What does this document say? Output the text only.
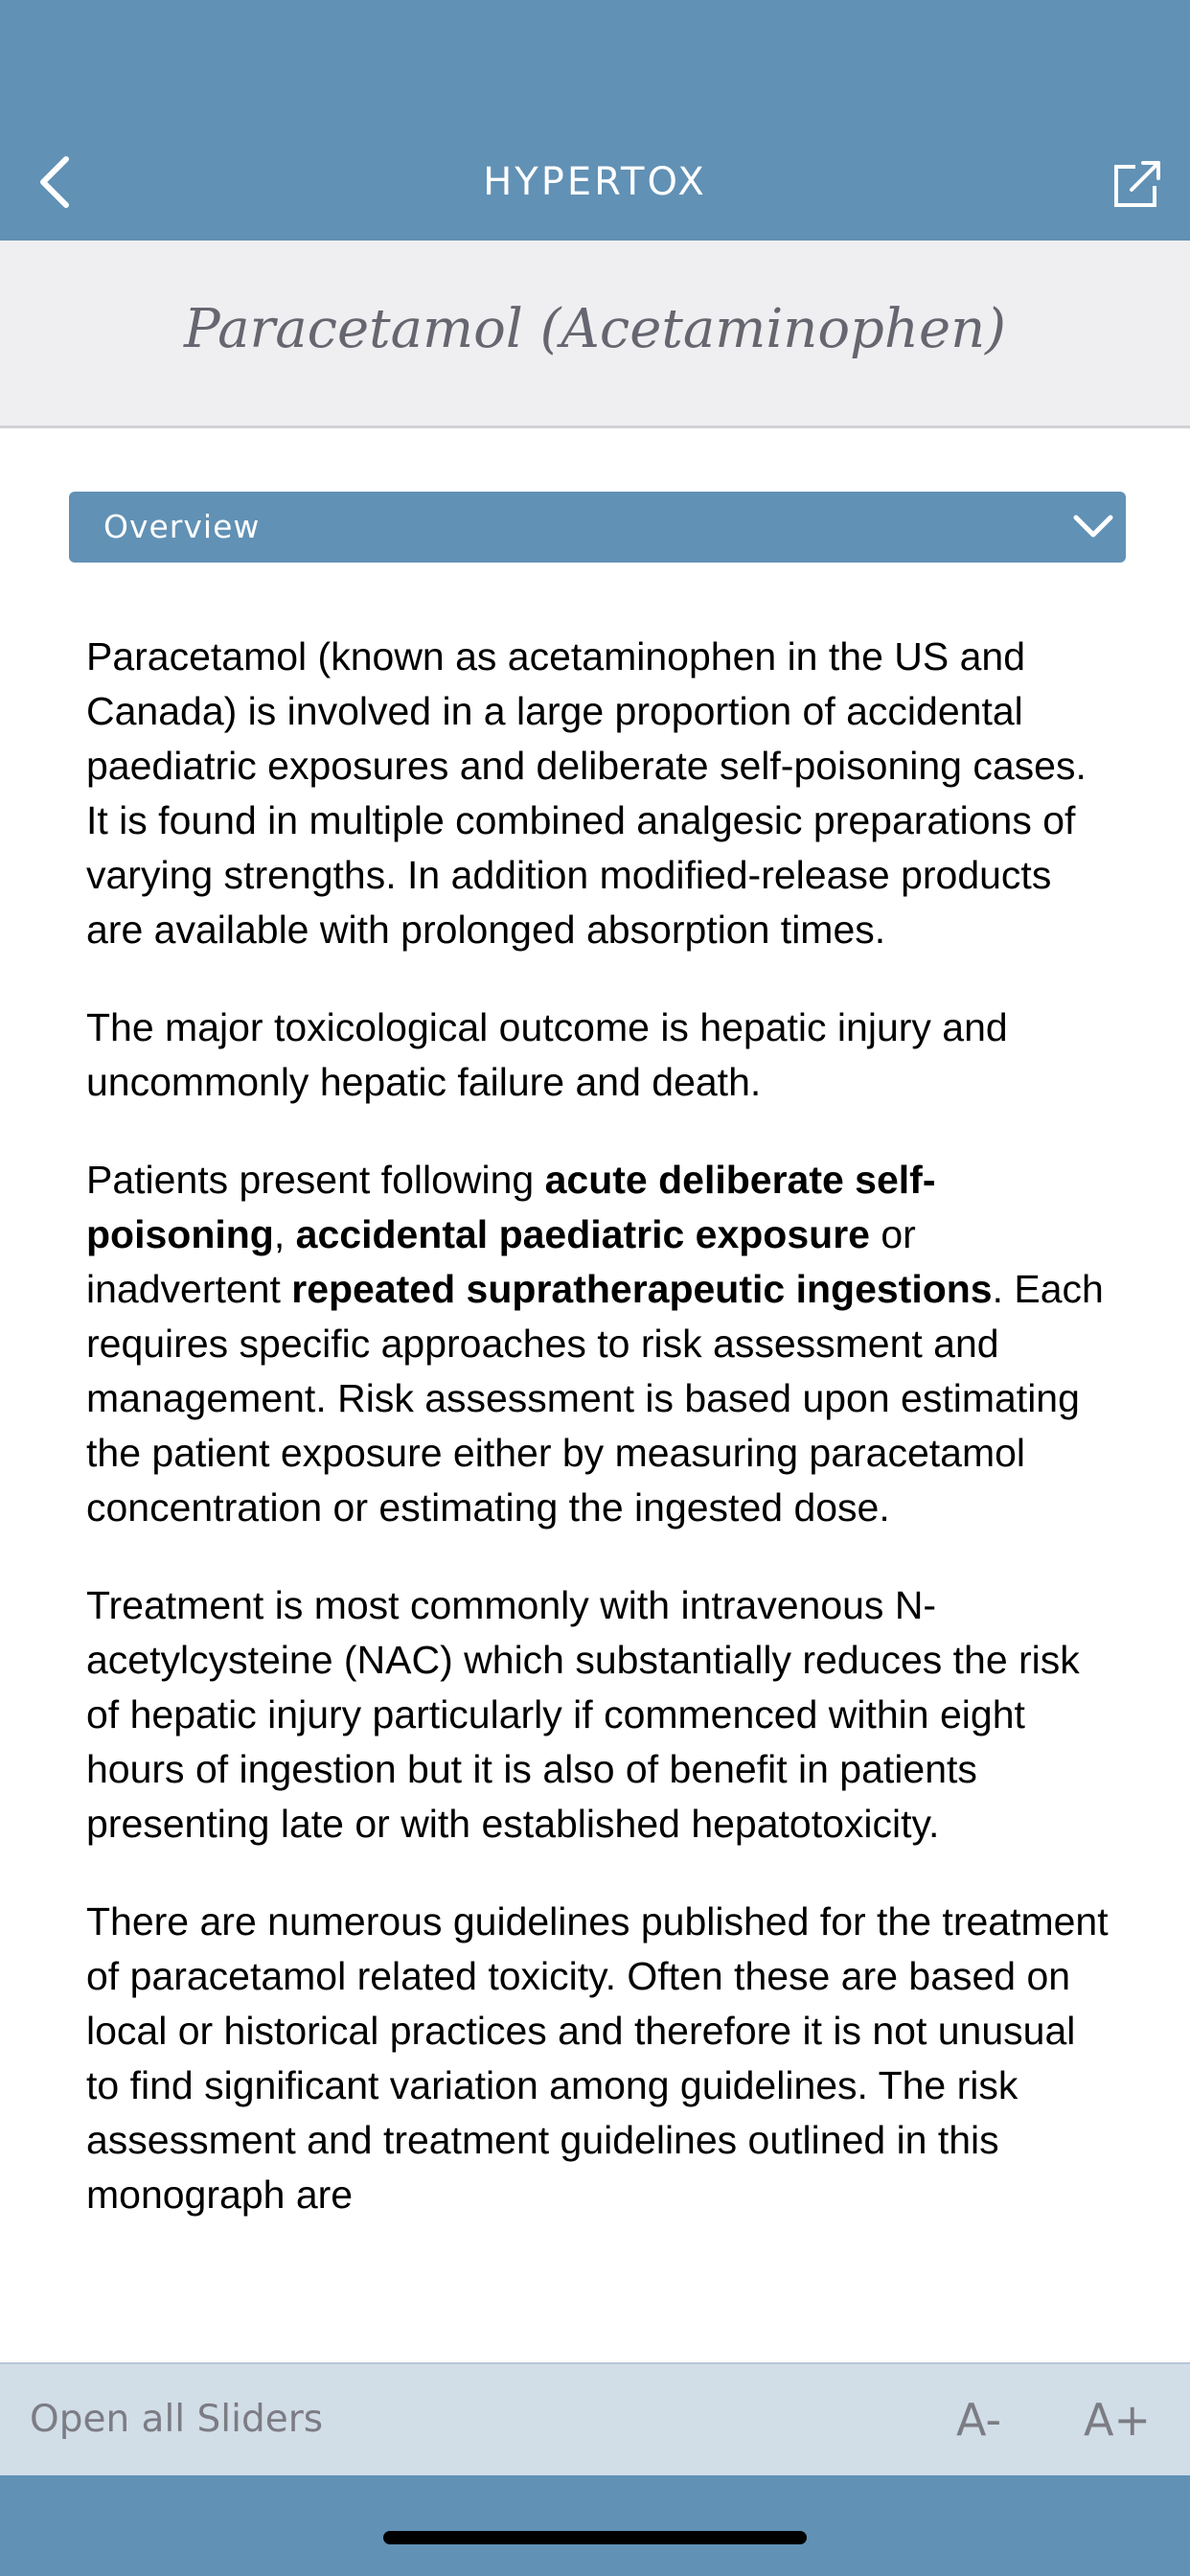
HYPERTOX
Paracetamol (Acetaminophen)
Overview

Paracetamol (known as acetaminophen in the US and Canada) is involved in a large proportion of accidental paediatric exposures and deliberate self-poisoning cases. It is found in multiple combined analgesic preparations of varying strengths. In addition modified-release products are available with prolonged absorption times.

The major toxicological outcome is hepatic injury and uncommonly hepatic failure and death.

Patients present following acute deliberate self-poisoning, accidental paediatric exposure or inadvertent repeated supratherapeutic ingestions. Each requires specific approaches to risk assessment and management. Risk assessment is based upon estimating the patient exposure either by measuring paracetamol concentration or estimating the ingested dose.

Treatment is most commonly with intravenous N-acetylcysteine (NAC) which substantially reduces the risk of hepatic injury particularly if commenced within eight hours of ingestion but it is also of benefit in patients presenting late or with established hepatotoxicity.

There are numerous guidelines published for the treatment of paracetamol related toxicity. Often these are based on local or historical practices and therefore it is not unusual to find significant variation among guidelines. The risk assessment and treatment guidelines outlined in this monograph are

Open all Sliders	A- A+
